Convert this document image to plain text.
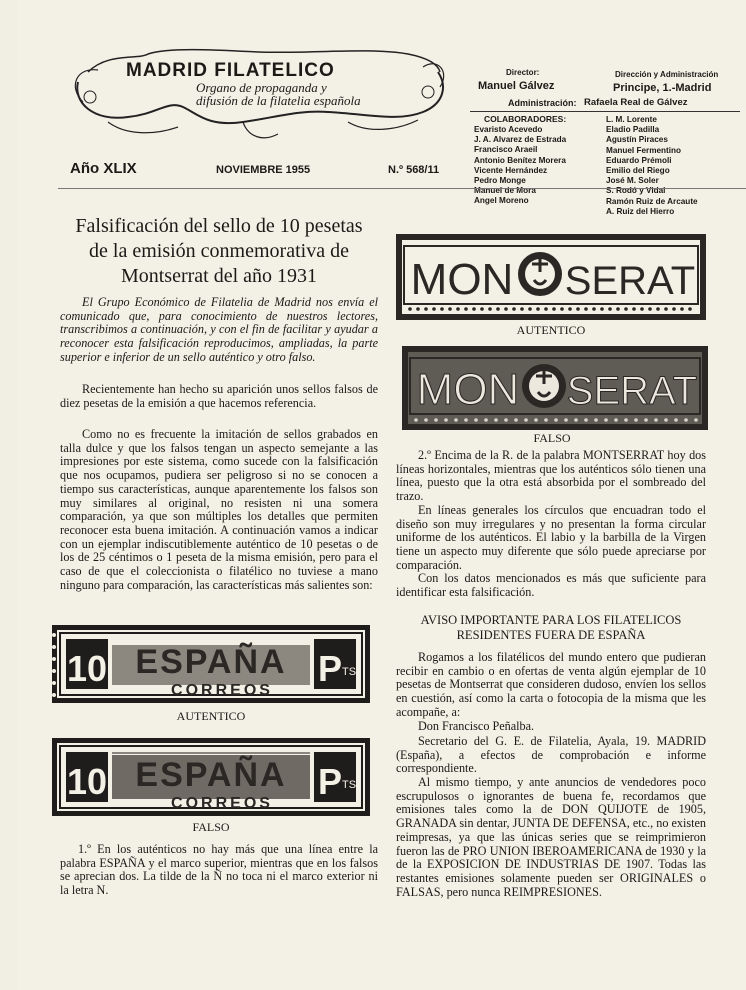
MADRID FILATELICO
Organo de propaganda y
difusión de la filatelia española
Año XLIX	NOVIEMBRE 1955	N.º 568/11
Director:
Manuel Gálvez
Dirección y Administración
Principe, 1.-Madrid
Administración: Rafaela Real de Gálvez
COLABORADORES:
Evaristo Acevedo
J. A. Alvarez de Estrada
Francisco Araeil
Antonio Benítez Morera
Vicente Hernández
Pedro Monge
Manuel de Mora
Angel Moreno
L. M. Lorente
Eladio Padilla
Agustín Piraces
Manuel Fermentino
Eduardo Prémoli
Emilio del Riego
José M. Soler
S. Rodó y Vidal
Ramón Ruiz de Arcaute
A. Ruiz del Hierro
Falsificación del sello de 10 pesetas
de la emisión conmemorativa de
Montserrat del año 1931
El Grupo Económico de Filatelia de Madrid nos envía el comunicado que, para conocimiento de nuestros lectores, transcribimos a continuación, y con el fin de facilitar y ayudar a reconocer esta falsificación reproducimos, ampliadas, la parte superior e inferior de un sello auténtico y otro falso.
Recientemente han hecho su aparición unos sellos falsos de diez pesetas de la emisión a que hacemos referencia.
Como no es frecuente la imitación de sellos grabados en talla dulce y que los falsos tengan un aspecto semejante a las impresiones por este sistema, como sucede con la falsificación que nos ocupamos, pudiera ser peligroso si no se conocen a tiempo sus características, aunque aparentemente los falsos son muy similares al original, no resisten ni una somera comparación, ya que son múltiples los detalles que permiten reconocer esta buena imitación. A continuación vamos a indicar con un ejemplar indiscutiblemente auténtico de 10 pesetas o de los de 25 céntimos o 1 peseta de la misma emisión, pero para el caso de que el coleccionista o filatélico no tuviese a mano ninguno para comparación, las características más salientes son:
10 ESPAÑA
CORREOS
P TS
AUTENTICO
10 ESPAÑA
CORREOS
P TS
FALSO
1.º En los auténticos no hay más que una línea entre la palabra ESPAÑA y el marco superior, mientras que en los falsos se aprecian dos. La tilde de la Ñ no toca ni el marco exterior ni la letra N.
MON SERAT
AUTENTICO
MON SERAT
FALSO
2.º Encima de la R. de la palabra MONTSERRAT hoy dos líneas horizontales, mientras que los auténticos sólo tienen una línea, puesto que la otra está absorbida por el sombreado del trazo.
En líneas generales los círculos que encuadran todo el diseño son muy irregulares y no presentan la forma circular uniforme de los auténticos. El labio y la barbilla de la Virgen tiene un aspecto muy diferente que sólo puede apreciarse por comparación.
Con los datos mencionados es más que suficiente para identificar esta falsificación.
AVISO IMPORTANTE PARA LOS FILATELICOS
RESIDENTES FUERA DE ESPAÑA
Rogamos a los filatélicos del mundo entero que pudieran recibir en cambio o en ofertas de venta algún ejemplar de 10 pesetas de Montserrat que consideren dudoso, envíen los sellos en cuestión, así como la carta o fotocopia de la misma que les acompañe, a:
Don Francisco Peñalba.
Secretario del G. E. de Filatelia, Ayala, 19. MADRID (España), a efectos de comprobación e informe correspondiente.
Al mismo tiempo, y ante anuncios de vendedores poco escrupulosos o ignorantes de buena fe, recordamos que emisiones tales como la de DON QUIJOTE de 1905, GRANADA sin dentar, JUNTA DE DEFENSA, etc., no existen reimpresas, ya que las únicas series que se reimprimieron fueron las de PRO UNION IBEROAMERICANA de 1930 y la de la EXPOSICION DE INDUSTRIAS DE 1907. Todas las restantes emisiones solamente pueden ser ORIGINALES o FALSAS, pero nunca REIMPRESIONES.
